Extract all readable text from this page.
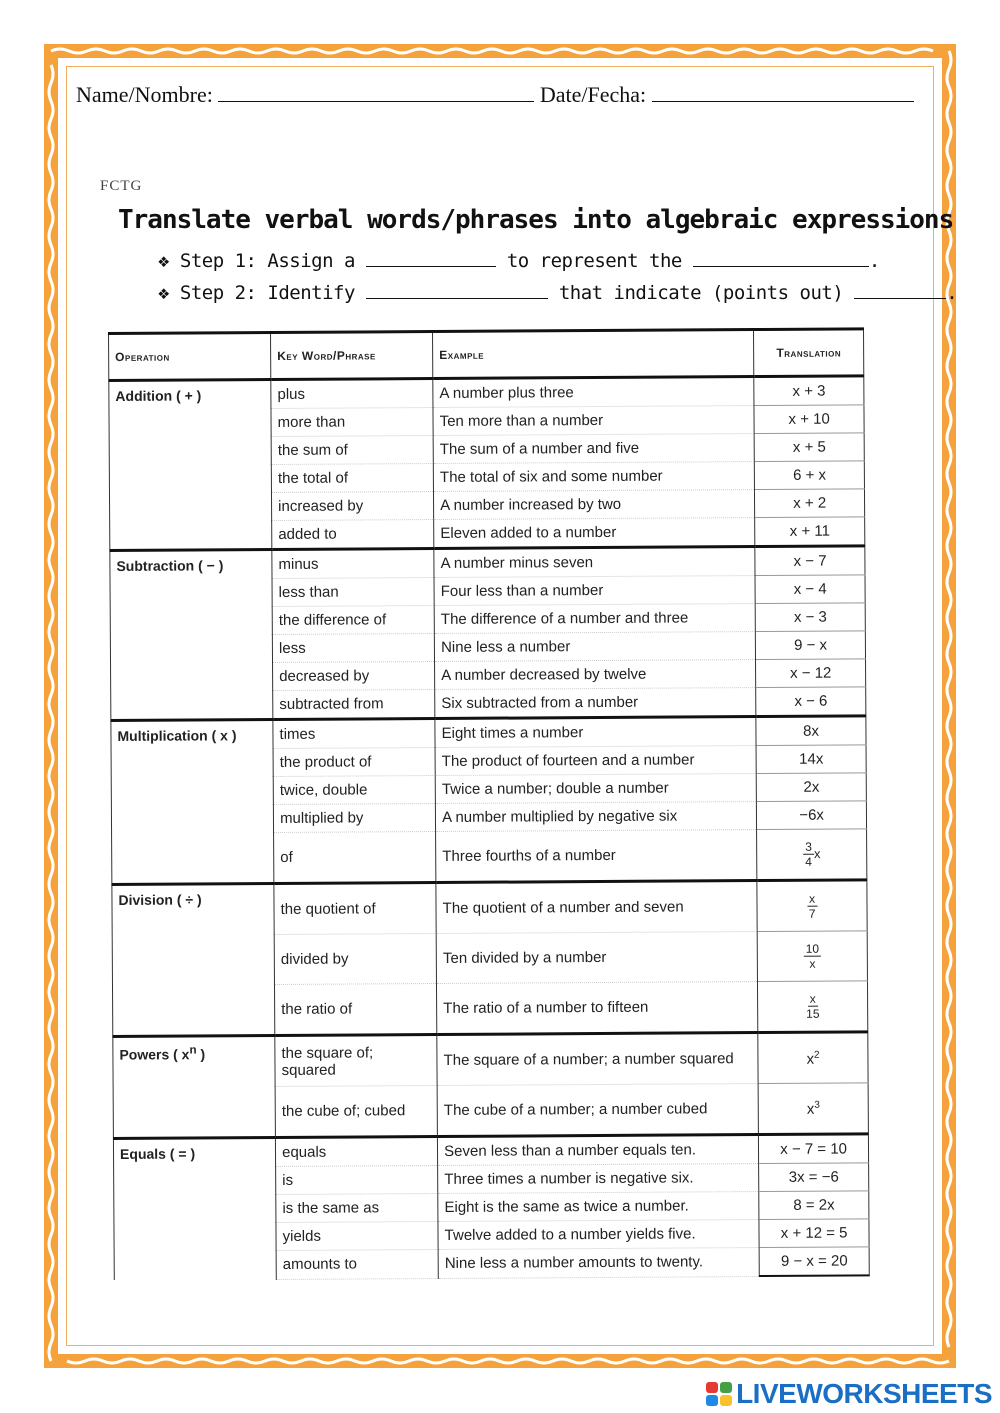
Name/Nombre:	Date/Fecha:
FCTG
Translate verbal words/phrases into algebraic expressions
❖ Step 1: Assign a	to represent the	.
❖ Step 2: Identify	that indicate (points out)	.
Operation	Key Word/Phrase	Example	Translation
Addition ( + )	plus	A number plus three	x + 3
	more than	Ten more than a number	x + 10
	the sum of	The sum of a number and five	x + 5
	the total of	The total of six and some number	6 + x
	increased by	A number increased by two	x + 2
	added to	Eleven added to a number	x + 11
Subtraction ( − )	minus	A number minus seven	x − 7
	less than	Four less than a number	x − 4
	the difference of	The difference of a number and three	x − 3
	less	Nine less a number	9 − x
	decreased by	A number decreased by twelve	x − 12
	subtracted from	Six subtracted from a number	x − 6
Multiplication ( x )	times	Eight times a number	8x
	the product of	The product of fourteen and a number	14x
	twice, double	Twice a number; double a number	2x
	multiplied by	A number multiplied by negative six	−6x
	of	Three fourths of a number	$\frac{3}{4}$ x
Division ( ÷ )	the quotient of	The quotient of a number and seven	$\frac{x}{7}$

	divided by	Ten divided by a number	$\frac{10}{x}$

	the ratio of	The ratio of a number to fifteen	$\frac{x}{15}$

Powers ( $x^n$ )	the square of; squared	The square of a number; a number squared	$x^2$
	the cube of; cubed	The cube of a number; a number cubed	$x^3$
Equals ( = )	equals	Seven less than a number equals ten.	x − 7 = 10
	is	Three times a number is negative six.	3x = −6
	is the same as	Eight is the same as twice a number.	8 = 2x
	yields	Twelve added to a number yields five.	x + 12 = 5
	amounts to	Nine less a number amounts to twenty.	9 − x = 20
LIVEWORKSHEETS
